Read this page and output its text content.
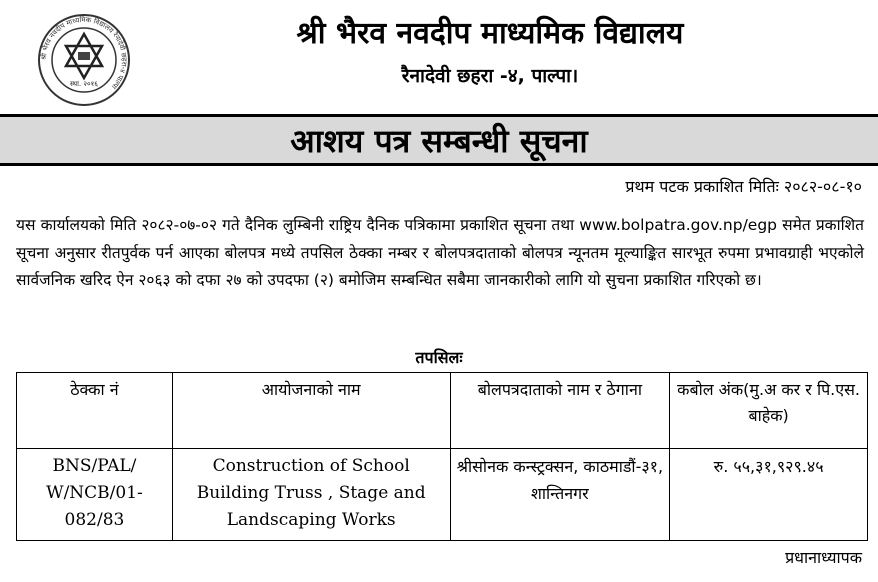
श्री भैरव नवदीप माध्यमिक विद्यालय रैनादेवी छहरा-४ पाल्पा
स्था. २०१६
श्री भैरव नवदीप माध्यमिक विद्यालय
रैनादेवी छहरा -४, पाल्पा।
आशय पत्र सम्बन्धी सूचना
प्रथम पटक प्रकाशित मितिः २०८२-०८-१०
यस कार्यालयको मिति २०८२-०७-०२ गते दैनिक लुम्बिनी राष्ट्रिय दैनिक पत्रिकामा प्रकाशित सूचना तथा www.bolpatra.gov.np/egp समेत प्रकाशित सूचना अनुसार रीतपुर्वक पर्न आएका बोलपत्र मध्ये तपसिल ठेक्का नम्बर र बोलपत्रदाताको बोलपत्र न्यूनतम मूल्याङ्कित सारभूत रुपमा प्रभावग्राही भएकोले सार्वजनिक खरिद ऐन २०६३ को दफा २७ को उपदफा (२) बमोजिम सम्बन्धित सबैमा जानकारीको लागि यो सुचना प्रकाशित गरिएको छ।
तपसिलः
ठेक्का नं	आयोजनाको नाम	बोलपत्रदाताको नाम र ठेगाना	कबोल अंक(मु.अ कर र पि.एस. बाहेक)
BNS/PAL/ W/NCB/01- 082/83	Construction of School Building Truss , Stage and Landscaping Works	श्रीसोनक कन्स्ट्रक्सन, काठमाडौं-३१, शान्तिनगर	रु. ५५,३१,९२९.४५
प्रधानाध्यापक
